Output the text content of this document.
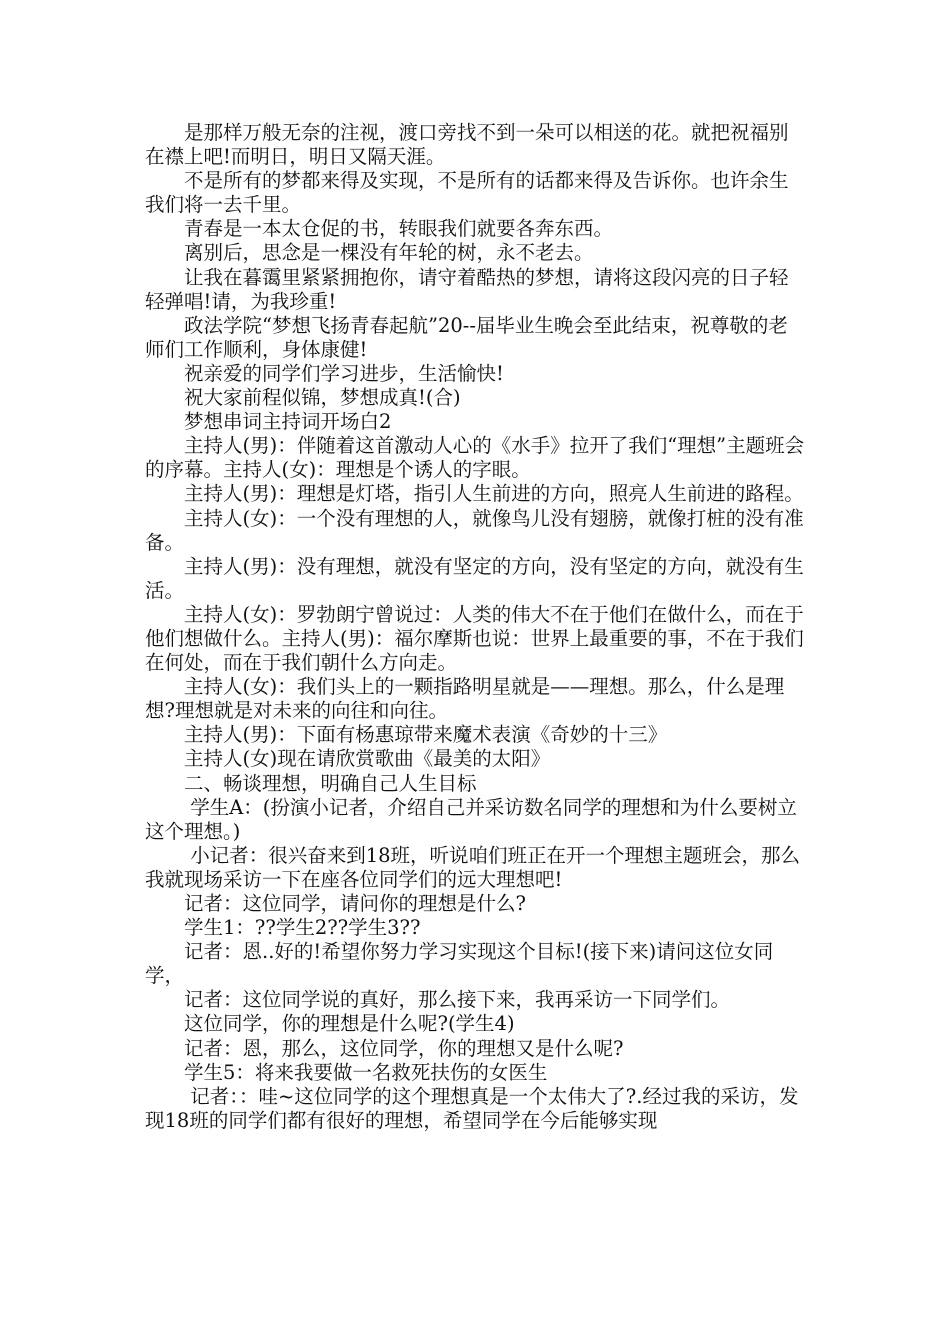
是那样万般无奈的注视，渡口旁找不到一朵可以相送的花。就把祝福别在襟上吧!而明日，明日又隔天涯。

不是所有的梦都来得及实现，不是所有的话都来得及告诉你。也许余生我们将一去千里。

青春是一本太仓促的书，转眼我们就要各奔东西。

离别后，思念是一棵没有年轮的树，永不老去。

让我在暮霭里紧紧拥抱你，请守着酷热的梦想，请将这段闪亮的日子轻轻弹唱!请，为我珍重!

政法学院“梦想飞扬青春起航”20--届毕业生晚会至此结束，祝尊敬的老师们工作顺利，身体康健!

祝亲爱的同学们学习进步，生活愉快!

祝大家前程似锦，梦想成真!(合)

梦想串词主持词开场白2

主持人(男)：伴随着这首激动人心的《水手》拉开了我们“理想”主题班会的序幕。主持人(女)：理想是个诱人的字眼。

主持人(男)：理想是灯塔，指引人生前进的方向，照亮人生前进的路程。

主持人(女)：一个没有理想的人，就像鸟儿没有翅膀，就像打桩的没有准备。

主持人(男)：没有理想，就没有坚定的方向，没有坚定的方向，就没有生活。

主持人(女)：罗勃朗宁曾说过：人类的伟大不在于他们在做什么，而在于他们想做什么。主持人(男)：福尔摩斯也说：世界上最重要的事，不在于我们在何处，而在于我们朝什么方向走。

主持人(女)：我们头上的一颗指路明星就是——理想。那么，什么是理想?理想就是对未来的向往和向往。

主持人(男)：下面有杨惠琼带来魔术表演《奇妙的十三》

主持人(女)现在请欣赏歌曲《最美的太阳》

二、畅谈理想，明确自己人生目标

学生A：(扮演小记者，介绍自己并采访数名同学的理想和为什么要树立这个理想。)

小记者：很兴奋来到18班，听说咱们班正在开一个理想主题班会，那么我就现场采访一下在座各位同学们的远大理想吧!

记者：这位同学，请问你的理想是什么?

学生1：??学生2??学生3??

记者：恩..好的!希望你努力学习实现这个目标!(接下来)请问这位女同学，

记者：这位同学说的真好，那么接下来，我再采访一下同学们。

这位同学，你的理想是什么呢?(学生4)

记者：恩，那么，这位同学，你的理想又是什么呢?

学生5：将来我要做一名救死扶伤的女医生

记者：：哇~这位同学的这个理想真是一个太伟大了?.经过我的采访，发现18班的同学们都有很好的理想，希望同学在今后能够实现
